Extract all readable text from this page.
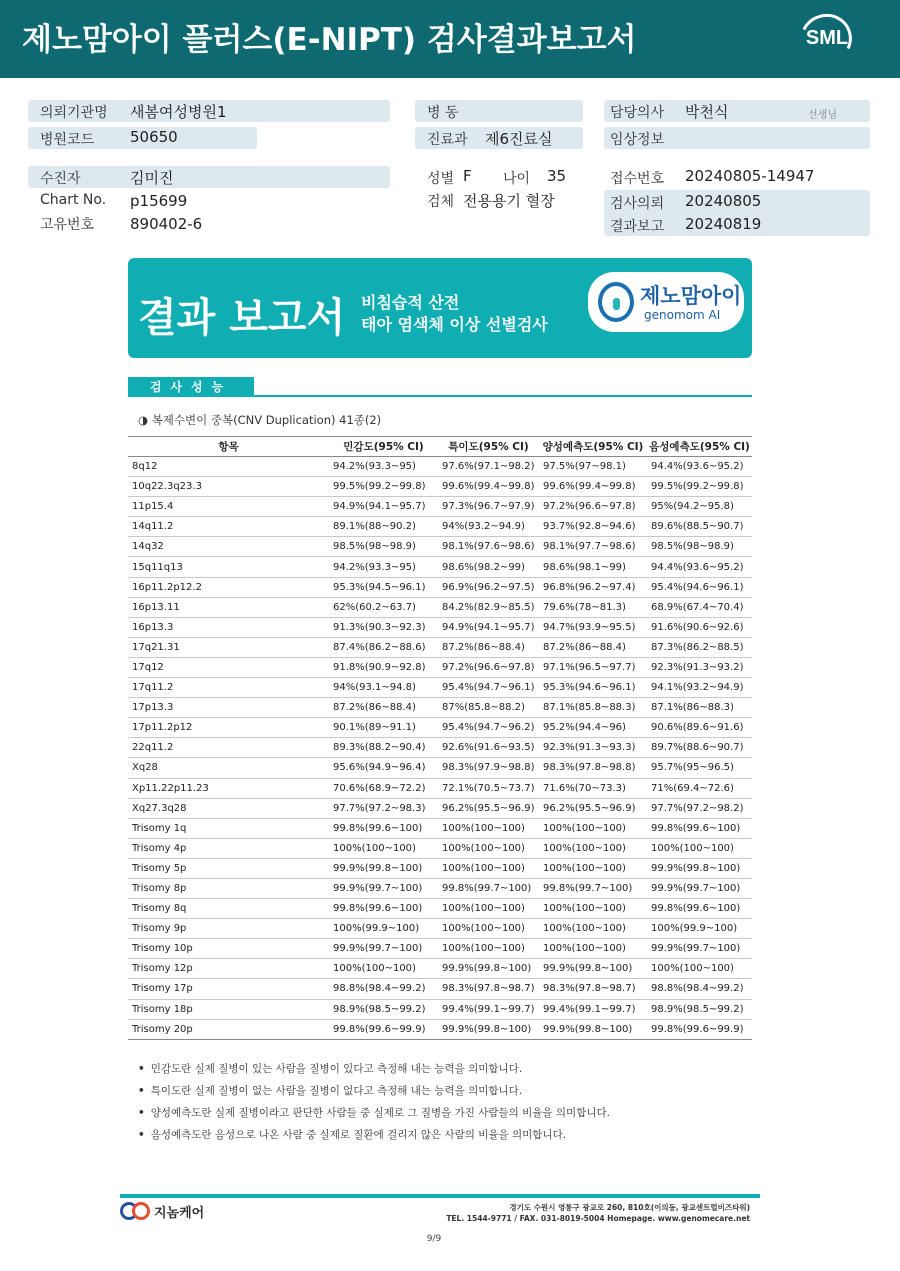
제노맘아이 플러스(E-NIPT) 검사결과보고서	SML
의뢰기관명 새봄여성병원1
병원코드 50650
병 동
진료과 제6진료실
담당의사 박천식	선생님
임상정보
수진자	김미진
Chart No. p15699
고유번호 890402-6
성별 F 나이 35
검체 전용용기 혈장
접수번호 20240805-14947
검사의뢰 20240805
결과보고 20240819
결과 보고서 비침습적 산전
태아 염색체 이상 선별검사
제노맘아이
genomom AI
검사성능
◑ 복제수변이 중복(CNV Duplication) 41종(2)
항목	민감도(95% CI)	특이도(95% CI)	양성예측도(95% CI)	음성예측도(95% CI)
8q12	94.2%(93.3~95)	97.6%(97.1~98.2)	97.5%(97~98.1)	94.4%(93.6~95.2)
10q22.3q23.3	99.5%(99.2~99.8)	99.6%(99.4~99.8)	99.6%(99.4~99.8)	99.5%(99.2~99.8)
11p15.4	94.9%(94.1~95.7)	97.3%(96.7~97.9)	97.2%(96.6~97.8)	95%(94.2~95.8)
14q11.2	89.1%(88~90.2)	94%(93.2~94.9)	93.7%(92.8~94.6)	89.6%(88.5~90.7)
14q32	98.5%(98~98.9)	98.1%(97.6~98.6)	98.1%(97.7~98.6)	98.5%(98~98.9)
15q11q13	94.2%(93.3~95)	98.6%(98.2~99)	98.6%(98.1~99)	94.4%(93.6~95.2)
16p11.2p12.2	95.3%(94.5~96.1)	96.9%(96.2~97.5)	96.8%(96.2~97.4)	95.4%(94.6~96.1)
16p13.11	62%(60.2~63.7)	84.2%(82.9~85.5)	79.6%(78~81.3)	68.9%(67.4~70.4)
16p13.3	91.3%(90.3~92.3)	94.9%(94.1~95.7)	94.7%(93.9~95.5)	91.6%(90.6~92.6)
17q21.31	87.4%(86.2~88.6)	87.2%(86~88.4)	87.2%(86~88.4)	87.3%(86.2~88.5)
17q12	91.8%(90.9~92.8)	97.2%(96.6~97.8)	97.1%(96.5~97.7)	92.3%(91.3~93.2)
17q11.2	94%(93.1~94.8)	95.4%(94.7~96.1)	95.3%(94.6~96.1)	94.1%(93.2~94.9)
17p13.3	87.2%(86~88.4)	87%(85.8~88.2)	87.1%(85.8~88.3)	87.1%(86~88.3)
17p11.2p12	90.1%(89~91.1)	95.4%(94.7~96.2)	95.2%(94.4~96)	90.6%(89.6~91.6)
22q11.2	89.3%(88.2~90.4)	92.6%(91.6~93.5)	92.3%(91.3~93.3)	89.7%(88.6~90.7)
Xq28	95.6%(94.9~96.4)	98.3%(97.9~98.8)	98.3%(97.8~98.8)	95.7%(95~96.5)
Xp11.22p11.23	70.6%(68.9~72.2)	72.1%(70.5~73.7)	71.6%(70~73.3)	71%(69.4~72.6)
Xq27.3q28	97.7%(97.2~98.3)	96.2%(95.5~96.9)	96.2%(95.5~96.9)	97.7%(97.2~98.2)
Trisomy 1q	99.8%(99.6~100)	100%(100~100)	100%(100~100)	99.8%(99.6~100)
Trisomy 4p	100%(100~100)	100%(100~100)	100%(100~100)	100%(100~100)
Trisomy 5p	99.9%(99.8~100)	100%(100~100)	100%(100~100)	99.9%(99.8~100)
Trisomy 8p	99.9%(99.7~100)	99.8%(99.7~100)	99.8%(99.7~100)	99.9%(99.7~100)
Trisomy 8q	99.8%(99.6~100)	100%(100~100)	100%(100~100)	99.8%(99.6~100)
Trisomy 9p	100%(99.9~100)	100%(100~100)	100%(100~100)	100%(99.9~100)
Trisomy 10p	99.9%(99.7~100)	100%(100~100)	100%(100~100)	99.9%(99.7~100)
Trisomy 12p	100%(100~100)	99.9%(99.8~100)	99.9%(99.8~100)	100%(100~100)
Trisomy 17p	98.8%(98.4~99.2)	98.3%(97.8~98.7)	98.3%(97.8~98.7)	98.8%(98.4~99.2)
Trisomy 18p	98.9%(98.5~99.2)	99.4%(99.1~99.7)	99.4%(99.1~99.7)	98.9%(98.5~99.2)
Trisomy 20p	99.8%(99.6~99.9)	99.9%(99.8~100)	99.9%(99.8~100)	99.8%(99.6~99.9)
• 민감도란 실제 질병이 있는 사람을 질병이 있다고 측정해 내는 능력을 의미합니다.
• 특이도란 실제 질병이 없는 사람을 질병이 없다고 측정해 내는 능력을 의미합니다.
• 양성예측도란 실제 질병이라고 판단한 사람들 중 실제로 그 질병을 가진 사람들의 비율을 의미합니다.
• 음성예측도란 음성으로 나온 사람 중 실제로 질환에 걸리지 않은 사람의 비율을 의미합니다.
지놈케어	경기도 수원시 영통구 광교로 260, 810호(이의동, 광교센트럴비즈타워)
TEL. 1544-9771 / FAX. 031-8019-5004 Homepage. www.genomecare.net
9/9
